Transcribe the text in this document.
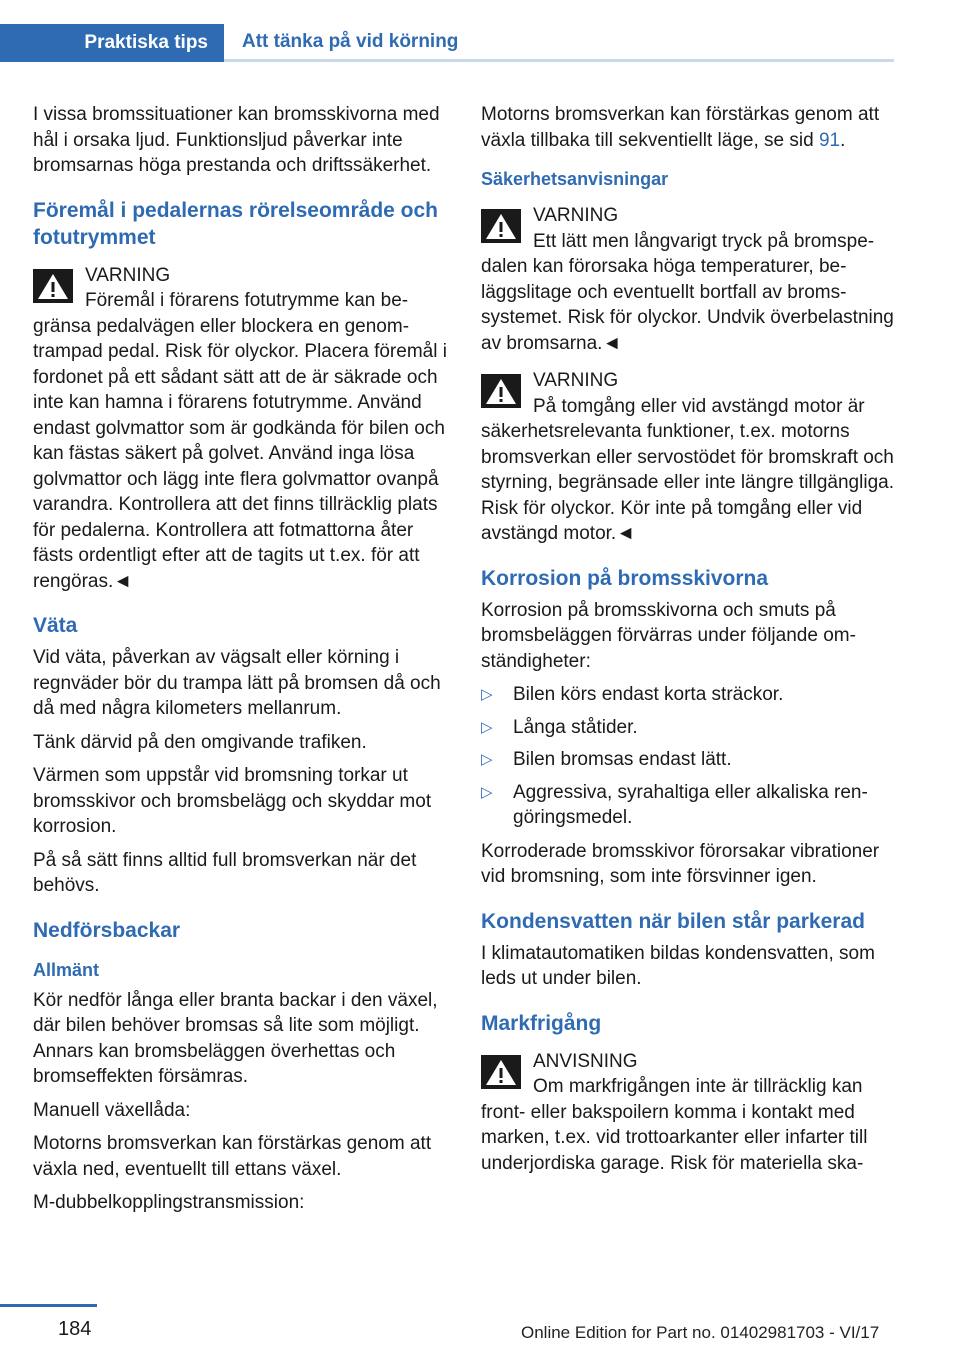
Praktiska tips	Att tänka på vid körning

I vissa bromssituationer kan bromsskivorna med hål i orsaka ljud. Funktionsljud påverkar inte bromsarnas höga prestanda och driftssäkerhet.

Föremål i pedalernas rörelseområde och fotutrymmet
VARNING
Föremål i förarens fotutrymme kan begränsa pedalvägen eller blockera en genomtrampad pedal. Risk för olyckor. Placera föremål i fordonet på ett sådant sätt att de är säkrade och inte kan hamna i förarens fotutrymme. Använd endast golvmattor som är godkända för bilen och kan fästas säkert på golvet. Använd inga lösa golvmattor och lägg inte flera golvmattor ovanpå varandra. Kontrollera att det finns tillräcklig plats för pedalerna. Kontrollera att fotmattorna åter fästs ordentligt efter att de tagits ut t.ex. för att rengöras.◄
Väta

Vid väta, påverkan av vägsalt eller körning i regnväder bör du trampa lätt på bromsen då och då med några kilometers mellanrum.

Tänk därvid på den omgivande trafiken.

Värmen som uppstår vid bromsning torkar ut bromsskivor och bromsbelägg och skyddar mot korrosion.

På så sätt finns alltid full bromsverkan när det behövs.

Nedförsbackar
Allmänt

Kör nedför långa eller branta backar i den växel, där bilen behöver bromsas så lite som möjligt. Annars kan bromsbeläggen överhettas och bromseffekten försämras.

Manuell växellåda:

Motorns bromsverkan kan förstärkas genom att växla ned, eventuellt till ettans växel.

M-dubbelkopplingstransmission:

Motorns bromsverkan kan förstärkas genom att växla tillbaka till sekventiellt läge, se sid 91.

Säkerhetsanvisningar
VARNING
Ett lätt men långvarigt tryck på bromspedalen kan förorsaka höga temperaturer, beläggslitage och eventuellt bortfall av bromssystemet. Risk för olyckor. Undvik överbelastning av bromsarna.◄
VARNING
På tomgång eller vid avstängd motor är säkerhetsrelevanta funktioner, t.ex. motorns bromsverkan eller servostödet för bromskraft och styrning, begränsade eller inte längre tillgängliga. Risk för olyckor. Kör inte på tomgång eller vid avstängd motor.◄
Korrosion på bromsskivorna

Korrosion på bromsskivorna och smuts på bromsbeläggen förvärras under följande omständigheter:

▷ Bilen körs endast korta sträckor.
▷ Långa ståtider.
▷ Bilen bromsas endast lätt.
▷ Aggressiva, syrahaltiga eller alkaliska rengöringsmedel.

Korroderade bromsskivor förorsakar vibrationer vid bromsning, som inte försvinner igen.

Kondensvatten när bilen står parkerad

I klimatautomatiken bildas kondensvatten, som leds ut under bilen.

Markfrigång
ANVISNING
Om markfrigången inte är tillräcklig kan front- eller bakspoilern komma i kontakt med marken, t.ex. vid trottoarkanter eller infarter till underjordiska garage. Risk för materiella ska-
184	Online Edition for Part no. 01402981703 - VI/17
